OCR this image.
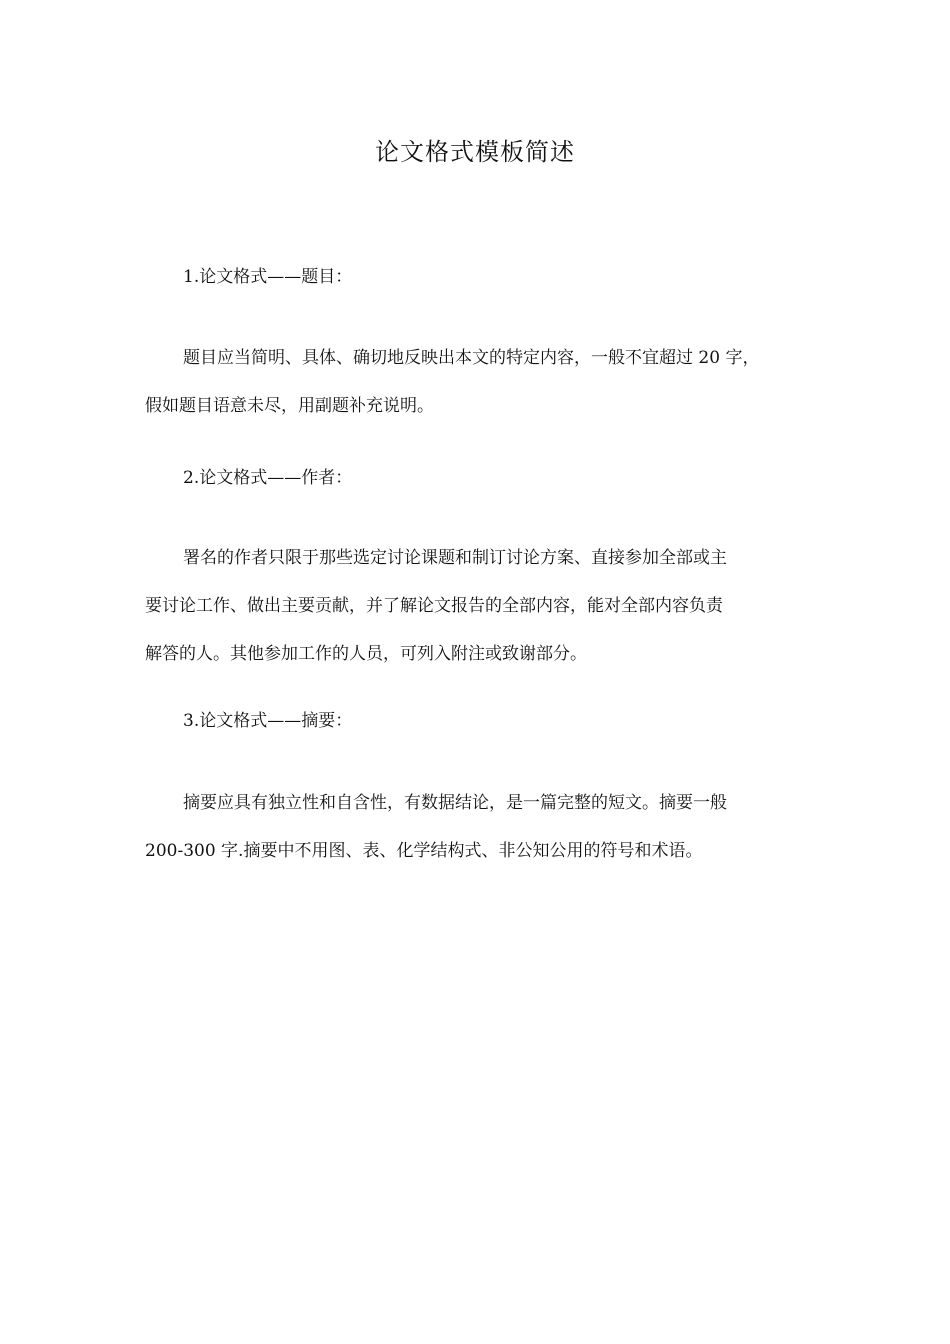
论文格式模板简述
1.论文格式——题目：
题目应当简明、具体、确切地反映出本文的特定内容，一般不宜超过 20 字，
假如题目语意未尽，用副题补充说明。
2.论文格式——作者：
署名的作者只限于那些选定讨论课题和制订讨论方案、直接参加全部或主
要讨论工作、做出主要贡献，并了解论文报告的全部内容，能对全部内容负责
解答的人。其他参加工作的人员，可列入附注或致谢部分。
3.论文格式——摘要：
摘要应具有独立性和自含性，有数据结论，是一篇完整的短文。摘要一般
200-300 字.摘要中不用图、表、化学结构式、非公知公用的符号和术语。
